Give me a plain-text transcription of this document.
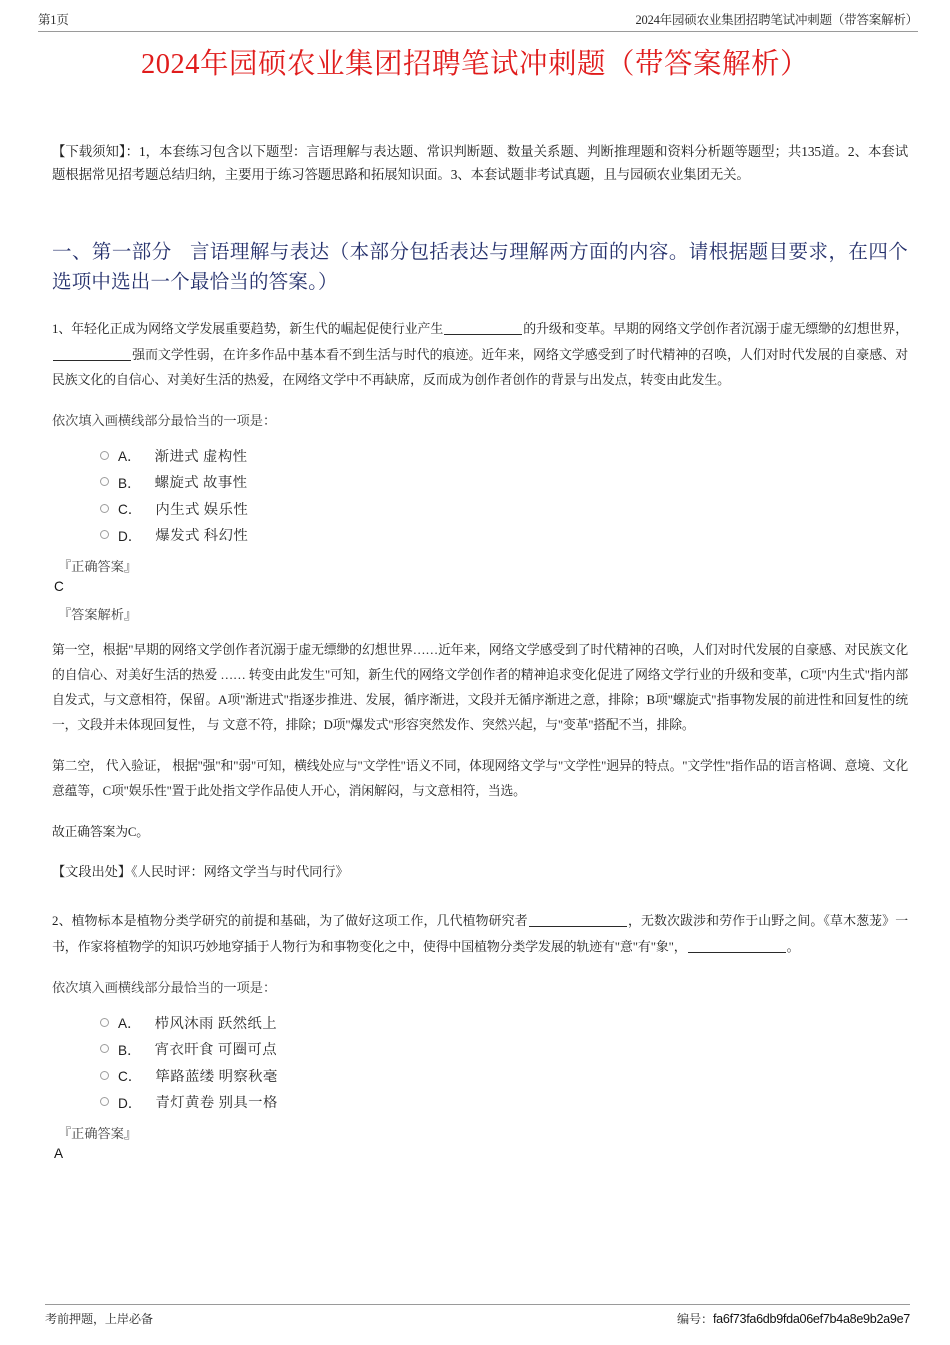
第1页	2024年园硕农业集团招聘笔试冲刺题（带答案解析）
2024年园硕农业集团招聘笔试冲刺题（带答案解析）
【下载须知】：1，本套练习包含以下题型：言语理解与表达题、常识判断题、数量关系题、判断推理题和资料分析题等题型；共135道。2、本套试题根据常见招考题总结归纳，主要用于练习答题思路和拓展知识面。3、本套试题非考试真题，且与园硕农业集团无关。
一、第一部分 言语理解与表达（本部分包括表达与理解两方面的内容。请根据题目要求，在四个选项中选出一个最恰当的答案。）
1、年轻化正成为网络文学发展重要趋势，新生代的崛起促使行业产生	的升级和变革。早期的网络文学创作者沉溺于虚无缥缈的幻想世界，强而文学性弱，在许多作品中基本看不到生活与时代的痕迹。近年来，网络文学感受到了时代精神的召唤，人们对时代发展的自豪感、对民族文化的自信心、对美好生活的热爱，在网络文学中不再缺席，反而成为创作者创作的背景与出发点，转变由此发生。
依次填入画横线部分最恰当的一项是：
A． 渐进式 虚构性
B． 螺旋式 故事性
C． 内生式 娱乐性
D． 爆发式 科幻性
『正确答案』
C
『答案解析』
第一空，根据"早期的网络文学创作者沉溺于虚无缥缈的幻想世界……近年来，网络文学感受到了时代精神的召唤，人们对时代发展的自豪感、对民族文化的自信心、对美好生活的热爱 …… 转变由此发生"可知，新生代的网络文学创作者的精神追求变化促进了网络文学行业的升级和变革，C项"内生式"指内部自发式，与文意相符，保留。A项"渐进式"指逐步推进、发展，循序渐进，文段并无循序渐进之意，排除；B项"螺旋式"指事物发展的前进性和回复性的统一，文段并未体现回复性， 与 文意不符，排除；D项"爆发式"形容突然发作、突然兴起，与"变革"搭配不当，排除。
第二空， 代入验证， 根据"强"和"弱"可知，横线处应与"文学性"语义不同，体现网络文学与"文学性"迥异的特点。"文学性"指作品的语言格调、意境、文化意蕴等，C项"娱乐性"置于此处指文学作品使人开心，消闲解闷，与文意相符，当选。
故正确答案为C。
【文段出处】《人民时评：网络文学当与时代同行》
2、植物标本是植物分类学研究的前提和基础，为了做好这项工作，几代植物研究者	，无数次跋涉和劳作于山野之间。《草木葱茏》一书，作家将植物学的知识巧妙地穿插于人物行为和事物变化之中，使得中国植物分类学发展的轨迹有"意"有"象"，	。
依次填入画横线部分最恰当的一项是：
A． 栉风沐雨 跃然纸上
B． 宵衣旰食 可圈可点
C． 筚路蓝缕 明察秋毫
D． 青灯黄卷 别具一格
『正确答案』
A
考前押题，上岸必备	编号：fa6f73fa6db9fda06ef7b4a8e9b2a9e7
